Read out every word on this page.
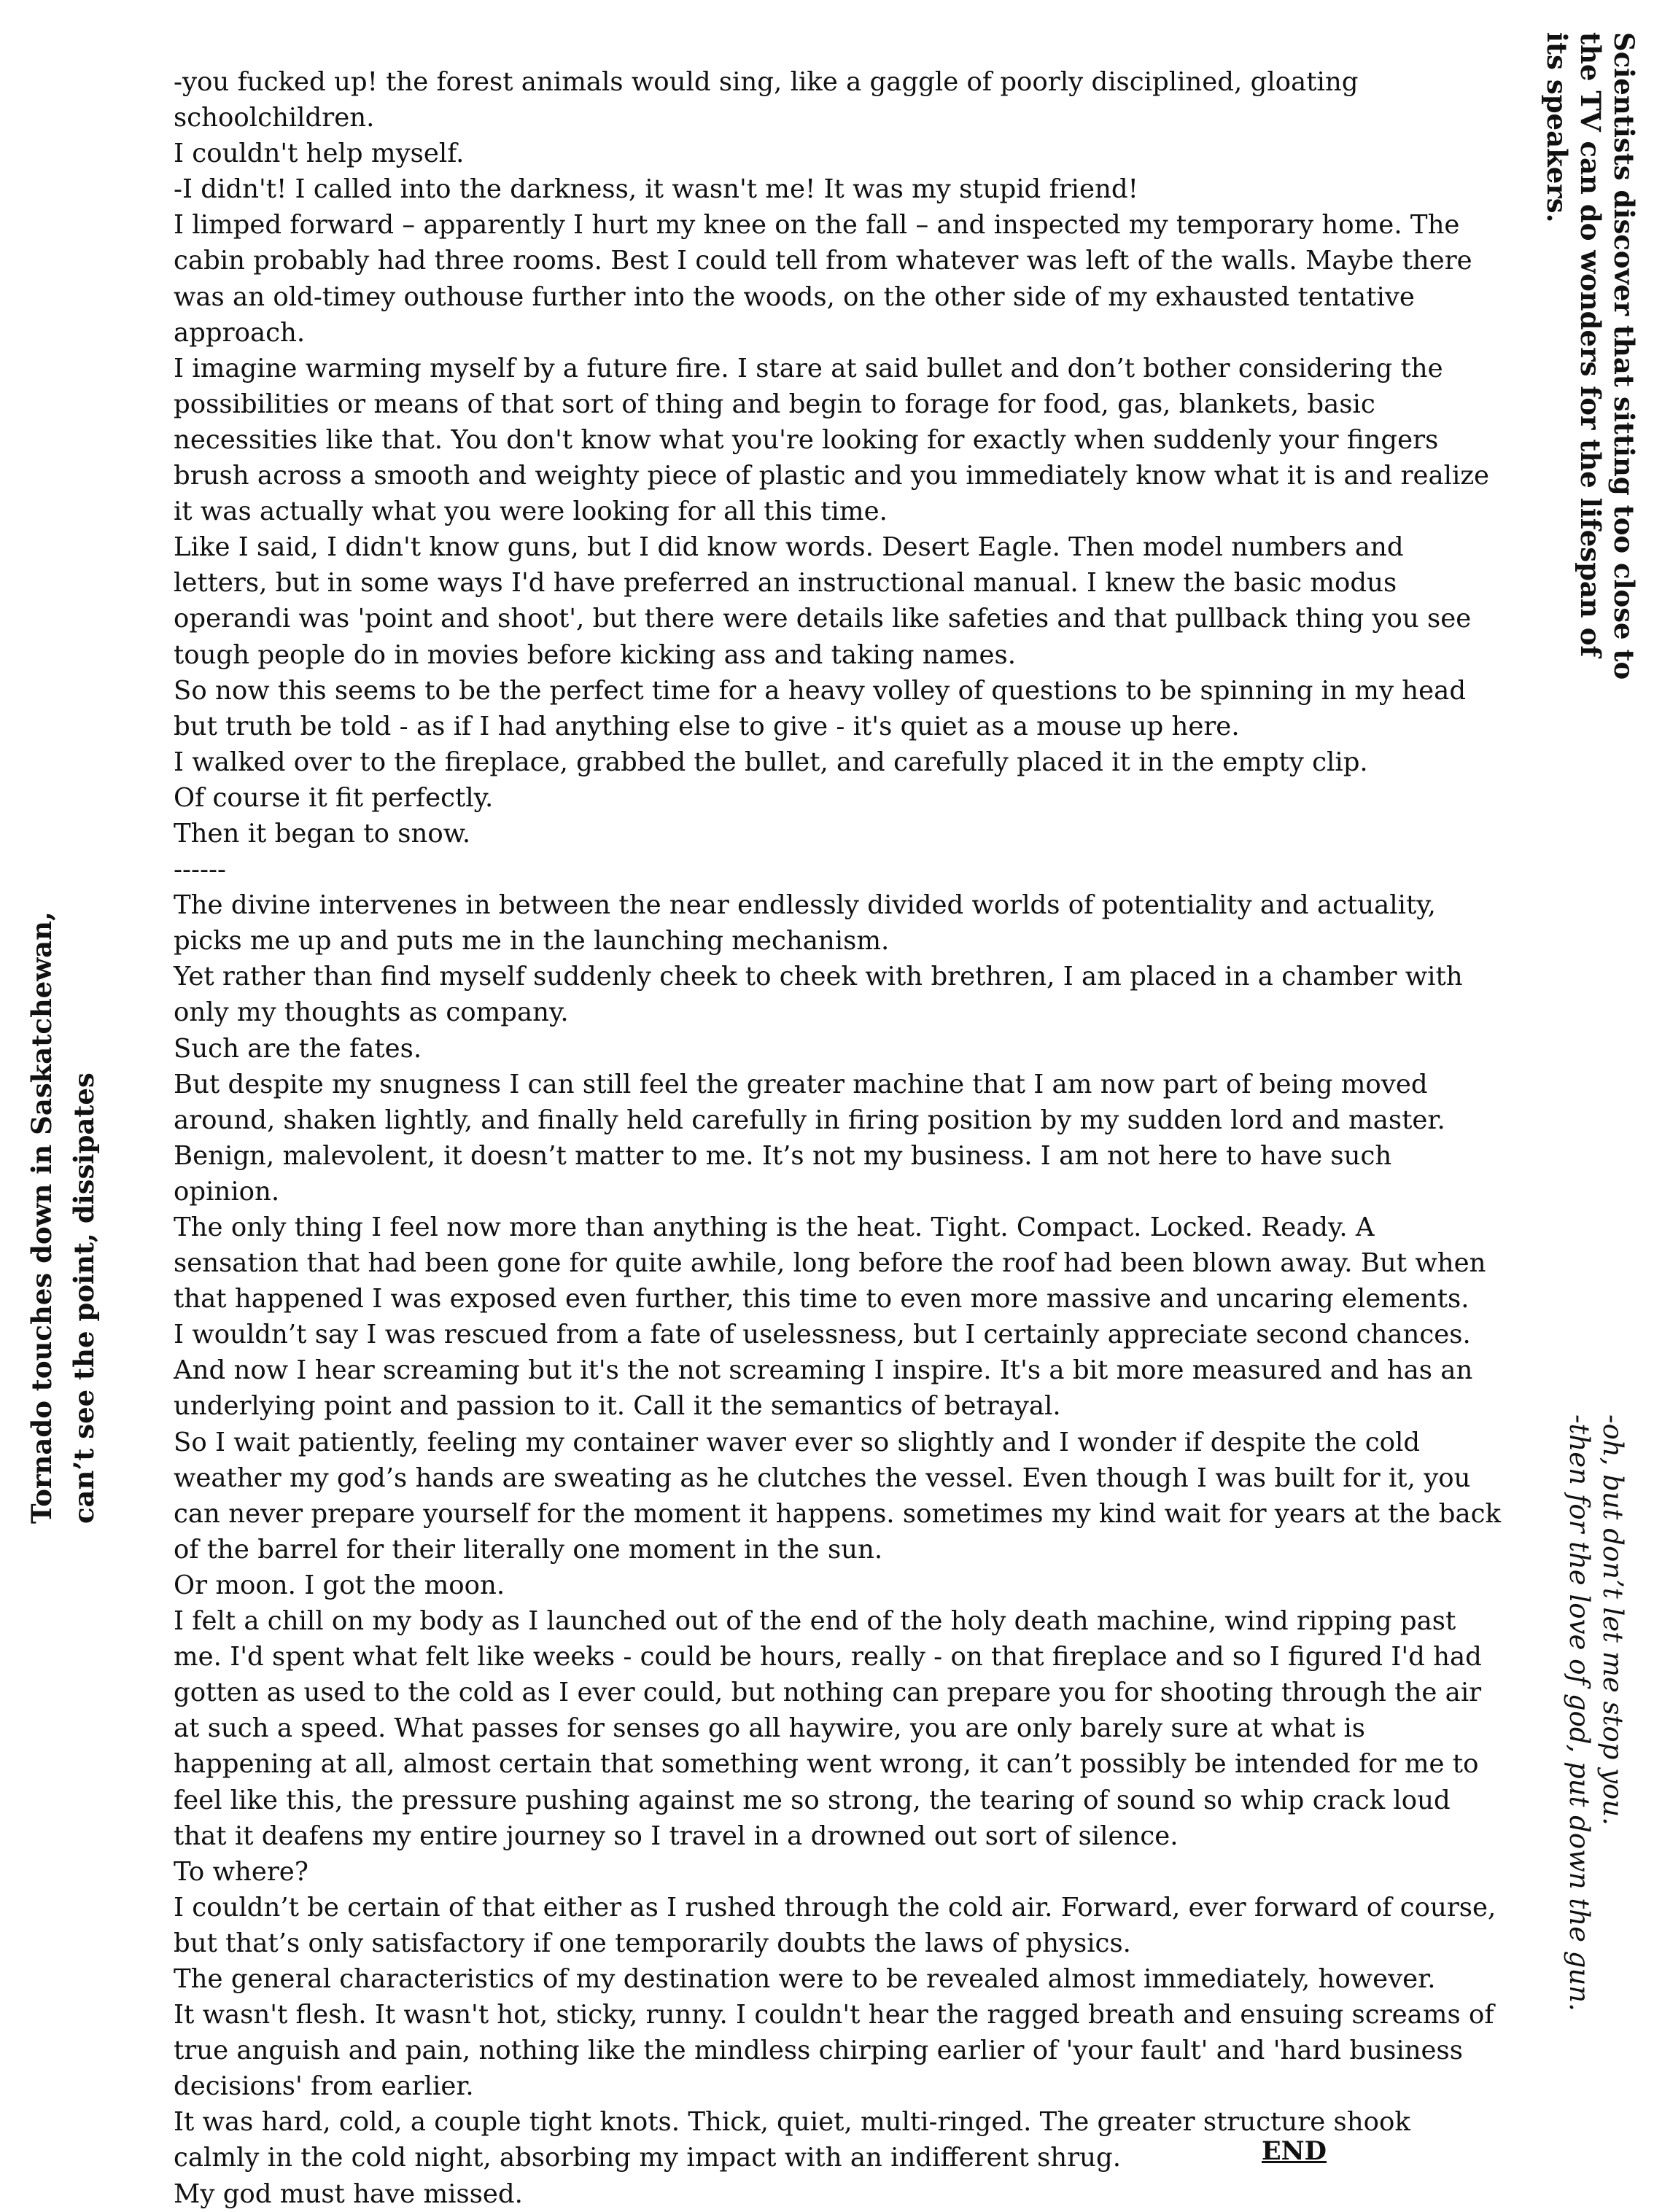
-you fucked up! the forest animals would sing, like a gaggle of poorly disciplined, gloating schoolchildren.

I couldn't help myself.

-I didn't! I called into the darkness, it wasn't me! It was my stupid friend!

I limped forward – apparently I hurt my knee on the fall – and inspected my temporary home. The cabin probably had three rooms. Best I could tell from whatever was left of the walls. Maybe there was an old-timey outhouse further into the woods, on the other side of my exhausted tentative approach.

I imagine warming myself by a future fire. I stare at said bullet and don’t bother considering the possibilities or means of that sort of thing and begin to forage for food, gas, blankets, basic necessities like that. You don't know what you're looking for exactly when suddenly your fingers brush across a smooth and weighty piece of plastic and you immediately know what it is and realize it was actually what you were looking for all this time.

Like I said, I didn't know guns, but I did know words. Desert Eagle. Then model numbers and letters, but in some ways I'd have preferred an instructional manual. I knew the basic modus operandi was 'point and shoot', but there were details like safeties and that pullback thing you see tough people do in movies before kicking ass and taking names.

So now this seems to be the perfect time for a heavy volley of questions to be spinning in my head but truth be told - as if I had anything else to give - it's quiet as a mouse up here.

I walked over to the fireplace, grabbed the bullet, and carefully placed it in the empty clip.

Of course it fit perfectly.

Then it began to snow.

------

The divine intervenes in between the near endlessly divided worlds of potentiality and actuality, picks me up and puts me in the launching mechanism.

Yet rather than find myself suddenly cheek to cheek with brethren, I am placed in a chamber with only my thoughts as company.

Such are the fates.

But despite my snugness I can still feel the greater machine that I am now part of being moved around, shaken lightly, and finally held carefully in firing position by my sudden lord and master. Benign, malevolent, it doesn’t matter to me. It’s not my business. I am not here to have such opinion.

The only thing I feel now more than anything is the heat. Tight. Compact. Locked. Ready. A sensation that had been gone for quite awhile, long before the roof had been blown away. But when that happened I was exposed even further, this time to even more massive and uncaring elements.

I wouldn’t say I was rescued from a fate of uselessness, but I certainly appreciate second chances.

And now I hear screaming but it's the not screaming I inspire. It's a bit more measured and has an underlying point and passion to it. Call it the semantics of betrayal.

So I wait patiently, feeling my container waver ever so slightly and I wonder if despite the cold weather my god’s hands are sweating as he clutches the vessel. Even though I was built for it, you can never prepare yourself for the moment it happens. sometimes my kind wait for years at the back of the barrel for their literally one moment in the sun.

Or moon. I got the moon.

I felt a chill on my body as I launched out of the end of the holy death machine, wind ripping past me. I'd spent what felt like weeks - could be hours, really - on that fireplace and so I figured I'd had gotten as used to the cold as I ever could, but nothing can prepare you for shooting through the air at such a speed. What passes for senses go all haywire, you are only barely sure at what is happening at all, almost certain that something went wrong, it can’t possibly be intended for me to feel like this, the pressure pushing against me so strong, the tearing of sound so whip crack loud that it deafens my entire journey so I travel in a drowned out sort of silence.

To where?

I couldn’t be certain of that either as I rushed through the cold air. Forward, ever forward of course, but that’s only satisfactory if one temporarily doubts the laws of physics.

The general characteristics of my destination were to be revealed almost immediately, however.

It wasn't flesh. It wasn't hot, sticky, runny. I couldn't hear the ragged breath and ensuing screams of true anguish and pain, nothing like the mindless chirping earlier of 'your fault' and 'hard business decisions' from earlier.

It was hard, cold, a couple tight knots. Thick, quiet, multi-ringed. The greater structure shook calmly in the cold night, absorbing my impact with an indifferent shrug.

My god must have missed.

END
Scientists discover that sitting too close to
the TV can do wonders for the lifespan of
its speakers.
Tornado touches down in Saskatchewan, can’t see the point, dissipates
-oh, but don’t let me stop you.
-then for the love of god, put down the gun.
